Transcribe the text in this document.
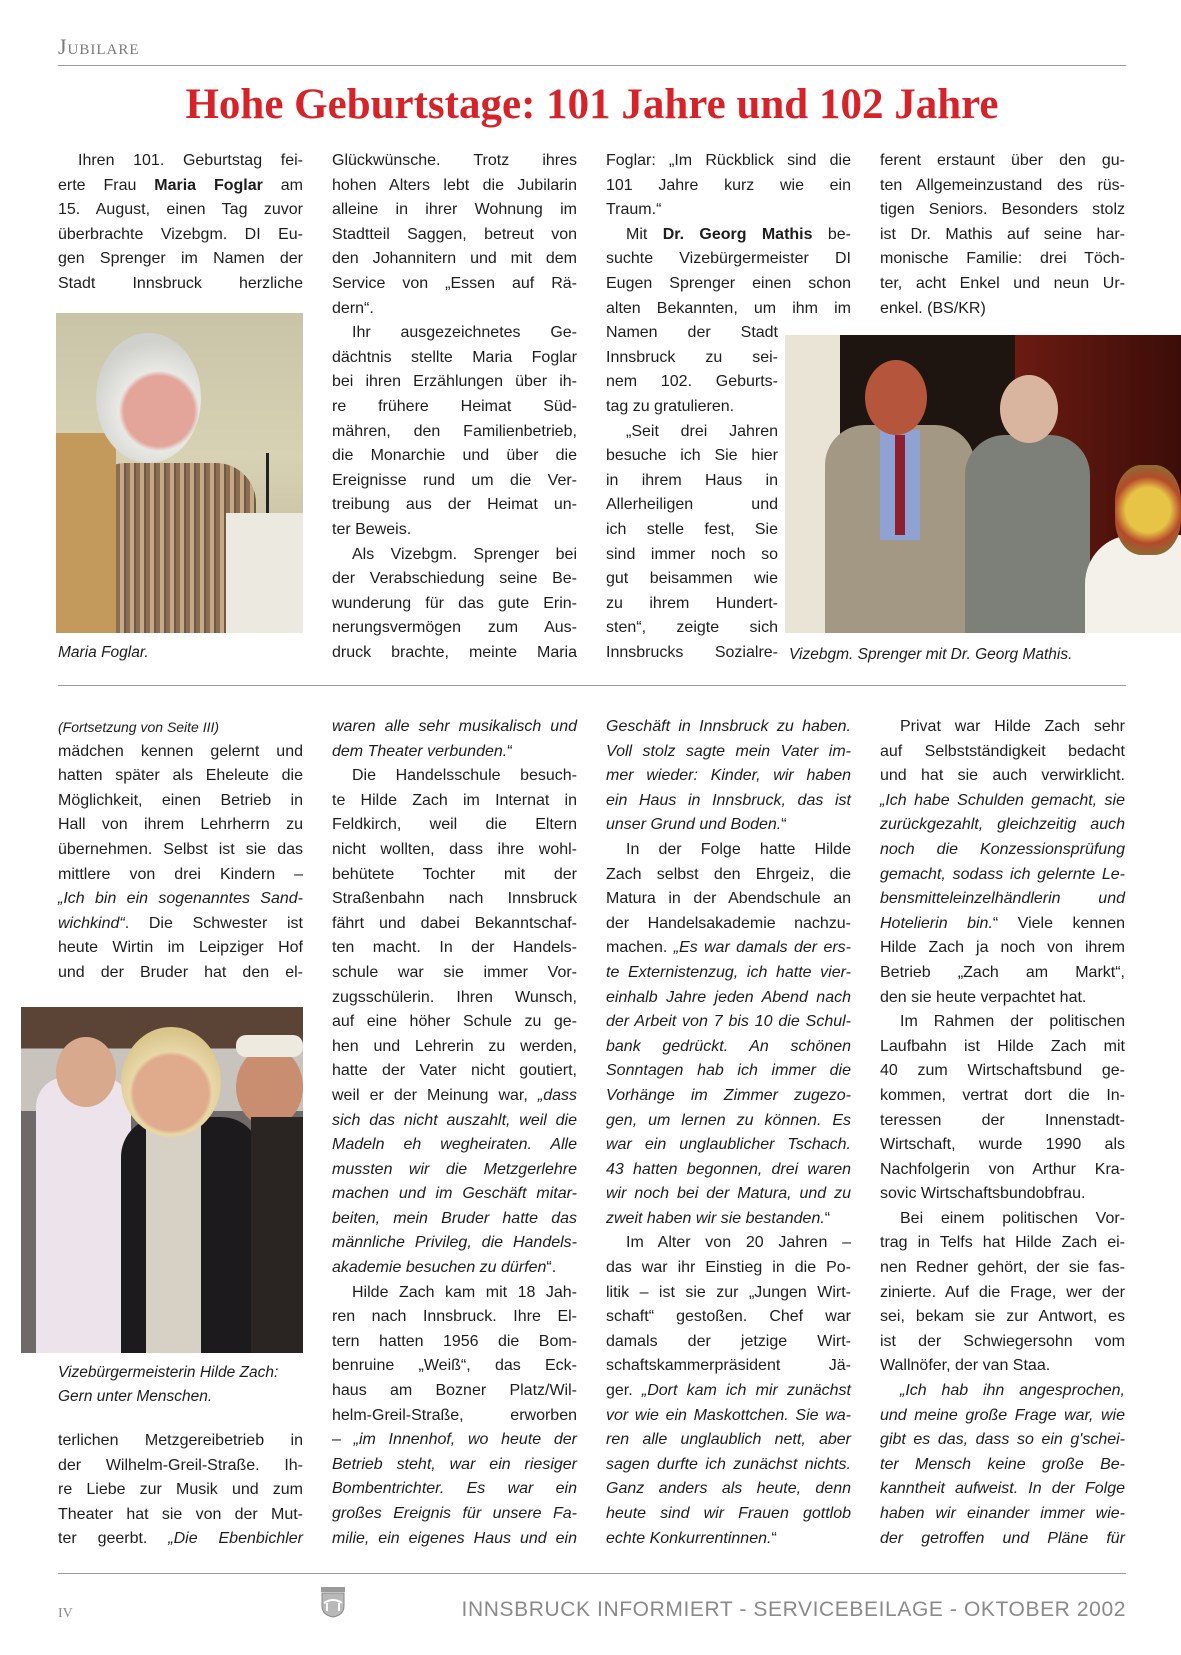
Jubilare
Hohe Geburtstage: 101 Jahre und 102 Jahre
Ihren 101. Geburtstag fei-
erte Frau Maria Foglar am
15. August, einen Tag zuvor
überbrachte Vizebgm. DI Eu-
gen Sprenger im Namen der
Stadt Innsbruck herzliche
Glückwünsche. Trotz ihres
hohen Alters lebt die Jubilarin
alleine in ihrer Wohnung im
Stadtteil Saggen, betreut von
den Johannitern und mit dem
Service von „Essen auf Rä-
dern“.
Ihr ausgezeichnetes Ge-
dächtnis stellte Maria Foglar
bei ihren Erzählungen über ih-
re frühere Heimat Süd-
mähren, den Familienbetrieb,
die Monarchie und über die
Ereignisse rund um die Ver-
treibung aus der Heimat un-
ter Beweis.
Als Vizebgm. Sprenger bei
der Verabschiedung seine Be-
wunderung für das gute Erin-
nerungsvermögen zum Aus-
druck brachte, meinte Maria
Foglar: „Im Rückblick sind die
101 Jahre kurz wie ein
Traum.“
Mit Dr. Georg Mathis be-
suchte Vizebürgermeister DI
Eugen Sprenger einen schon
alten Bekannten, um ihm im
Namen der Stadt
Innsbruck zu sei-
nem 102. Geburts-
tag zu gratulieren.
„Seit drei Jahren
besuche ich Sie hier
in ihrem Haus in
Allerheiligen und
ich stelle fest, Sie
sind immer noch so
gut beisammen wie
zu ihrem Hundert-
sten“, zeigte sich
Innsbrucks Sozialre-
ferent erstaunt über den gu-
ten Allgemeinzustand des rüs-
tigen Seniors. Besonders stolz
ist Dr. Mathis auf seine har-
monische Familie: drei Töch-
ter, acht Enkel und neun Ur-
enkel. (BS/KR)
Maria Foglar.	Vizebgm. Sprenger mit Dr. Georg Mathis.
(Fortsetzung von Seite III)
mädchen kennen gelernt und
hatten später als Eheleute die
Möglichkeit, einen Betrieb in
Hall von ihrem Lehrherrn zu
übernehmen. Selbst ist sie das
mittlere von drei Kindern –
„Ich bin ein sogenanntes Sand-
wichkind“. Die Schwester ist
heute Wirtin im Leipziger Hof
und der Bruder hat den el-
terlichen Metzgereibetrieb in
der Wilhelm-Greil-Straße. Ih-
re Liebe zur Musik und zum
Theater hat sie von der Mut-
ter geerbt. „Die Ebenbichler
waren alle sehr musikalisch und
dem Theater verbunden.“
Die Handelsschule besuch-
te Hilde Zach im Internat in
Feldkirch, weil die Eltern
nicht wollten, dass ihre wohl-
behütete Tochter mit der
Straßenbahn nach Innsbruck
fährt und dabei Bekanntschaf-
ten macht. In der Handels-
schule war sie immer Vor-
zugsschülerin. Ihren Wunsch,
auf eine höher Schule zu ge-
hen und Lehrerin zu werden,
hatte der Vater nicht goutiert,
weil er der Meinung war, „dass
sich das nicht auszahlt, weil die
Madeln eh wegheiraten. Alle
mussten wir die Metzgerlehre
machen und im Geschäft mitar-
beiten, mein Bruder hatte das
männliche Privileg, die Handels-
akademie besuchen zu dürfen“.
Hilde Zach kam mit 18 Jah-
ren nach Innsbruck. Ihre El-
tern hatten 1956 die Bom-
benruine „Weiß“, das Eck-
haus am Bozner Platz/Wil-
helm-Greil-Straße, erworben
– „im Innenhof, wo heute der
Betrieb steht, war ein riesiger
Bombentrichter. Es war ein
großes Ereignis für unsere Fa-
milie, ein eigenes Haus und ein
Geschäft in Innsbruck zu haben.
Voll stolz sagte mein Vater im-
mer wieder: Kinder, wir haben
ein Haus in Innsbruck, das ist
unser Grund und Boden.“
In der Folge hatte Hilde
Zach selbst den Ehrgeiz, die
Matura in der Abendschule an
der Handelsakademie nachzu-
machen. „Es war damals der ers-
te Externistenzug, ich hatte vier-
einhalb Jahre jeden Abend nach
der Arbeit von 7 bis 10 die Schul-
bank gedrückt. An schönen
Sonntagen hab ich immer die
Vorhänge im Zimmer zugezo-
gen, um lernen zu können. Es
war ein unglaublicher Tschach.
43 hatten begonnen, drei waren
wir noch bei der Matura, und zu
zweit haben wir sie bestanden.“
Im Alter von 20 Jahren –
das war ihr Einstieg in die Po-
litik – ist sie zur „Jungen Wirt-
schaft“ gestoßen. Chef war
damals der jetzige Wirt-
schaftskammerpräsident Jä-
ger. „Dort kam ich mir zunächst
vor wie ein Maskottchen. Sie wa-
ren alle unglaublich nett, aber
sagen durfte ich zunächst nichts.
Ganz anders als heute, denn
heute sind wir Frauen gottlob
echte Konkurrentinnen.“
Privat war Hilde Zach sehr
auf Selbstständigkeit bedacht
und hat sie auch verwirklicht.
„Ich habe Schulden gemacht, sie
zurückgezahlt, gleichzeitig auch
noch die Konzessionsprüfung
gemacht, sodass ich gelernte Le-
bensmitteleinzelhändlerin und
Hotelierin bin.“ Viele kennen
Hilde Zach ja noch von ihrem
Betrieb „Zach am Markt“,
den sie heute verpachtet hat.
Im Rahmen der politischen
Laufbahn ist Hilde Zach mit
40 zum Wirtschaftsbund ge-
kommen, vertrat dort die In-
teressen der Innenstadt-
Wirtschaft, wurde 1990 als
Nachfolgerin von Arthur Kra-
sovic Wirtschaftsbundobfrau.
Bei einem politischen Vor-
trag in Telfs hat Hilde Zach ei-
nen Redner gehört, der sie fas-
zinierte. Auf die Frage, wer der
sei, bekam sie zur Antwort, es
ist der Schwiegersohn vom
Wallnöfer, der van Staa.
„Ich hab ihn angesprochen,
und meine große Frage war, wie
gibt es das, dass so ein g'schei-
ter Mensch keine große Be-
kanntheit aufweist. In der Folge
haben wir einander immer wie-
der getroffen und Pläne für
Vizebürgermeisterin Hilde Zach:
Gern unter Menschen.
IV	INNSBRUCK INFORMIERT - SERVICEBEILAGE - OKTOBER 2002
